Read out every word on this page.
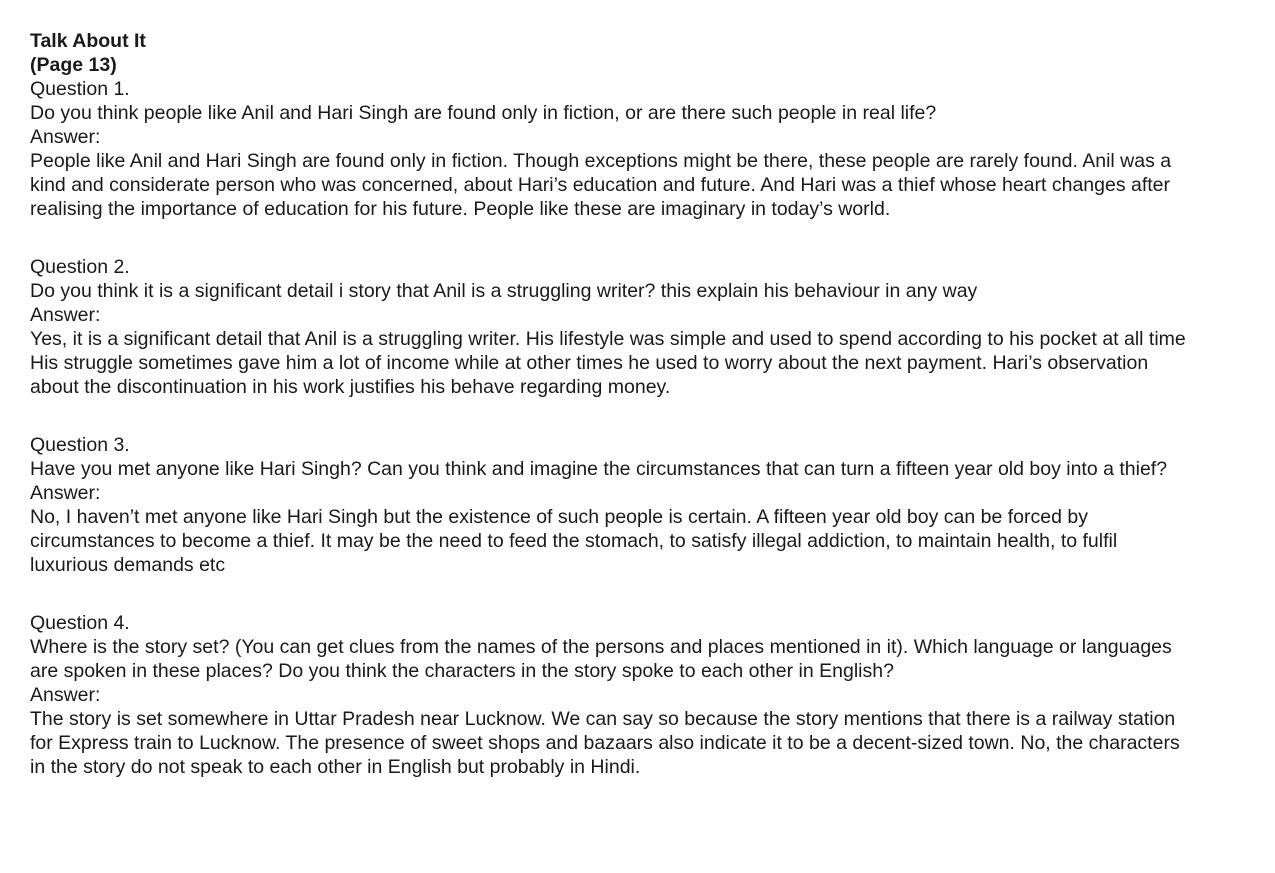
Talk About It
(Page 13)
Question 1.
Do you think people like Anil and Hari Singh are found only in fiction, or are there such people in real life?
Answer:
People like Anil and Hari Singh are found only in fiction. Though exceptions might be there, these people are rarely found. Anil was a
kind and considerate person who was concerned, about Hari’s education and future. And Hari was a thief whose heart changes after
realising the importance of education for his future. People like these are imaginary in today’s world.
Question 2.
Do you think it is a significant detail i story that Anil is a struggling writer? this explain his behaviour in any way
Answer:
Yes, it is a significant detail that Anil is a struggling writer. His lifestyle was simple and used to spend according to his pocket at all time
His struggle sometimes gave him a lot of income while at other times he used to worry about the next payment. Hari’s observation
about the discontinuation in his work justifies his behave regarding money.
Question 3.
Have you met anyone like Hari Singh? Can you think and imagine the circumstances that can turn a fifteen year old boy into a thief?
Answer:
No, I haven’t met anyone like Hari Singh but the existence of such people is certain. A fifteen year old boy can be forced by
circumstances to become a thief. It may be the need to feed the stomach, to satisfy illegal addiction, to maintain health, to fulfil
luxurious demands etc
Question 4.
Where is the story set? (You can get clues from the names of the persons and places mentioned in it). Which language or languages
are spoken in these places? Do you think the characters in the story spoke to each other in English?
Answer:
The story is set somewhere in Uttar Pradesh near Lucknow. We can say so because the story mentions that there is a railway station
for Express train to Lucknow. The presence of sweet shops and bazaars also indicate it to be a decent-sized town. No, the characters
in the story do not speak to each other in English but probably in Hindi.
